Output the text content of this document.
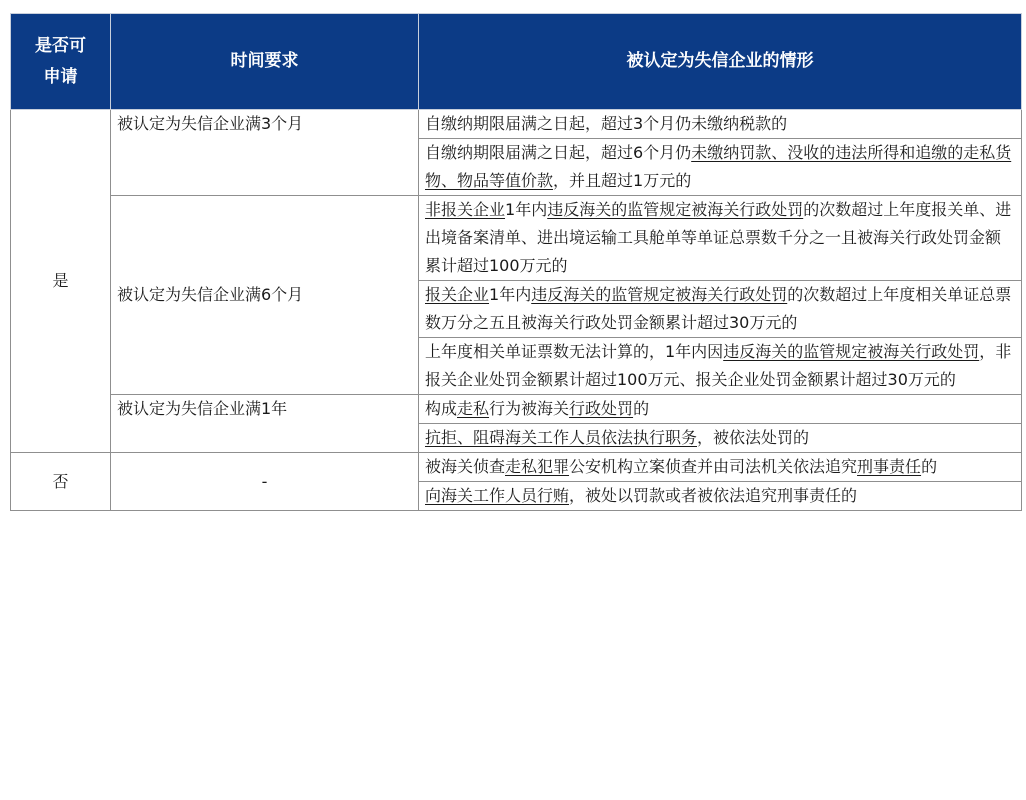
是否可申请	时间要求	被认定为失信企业的情形
是	被认定为失信企业满3个月	自缴纳期限届满之日起，超过3个月仍未缴纳税款的
		自缴纳期限届满之日起，超过6个月仍未缴纳罚款、没收的违法所得和追缴的走私货物、物品等值价款，并且超过1万元的
	被认定为失信企业满6个月	非报关企业1年内违反海关的监管规定被海关行政处罚的次数超过上年度报关单、进出境备案清单、进出境运输工具舱单等单证总票数千分之一且被海关行政处罚金额累计超过100万元的
		报关企业1年内违反海关的监管规定被海关行政处罚的次数超过上年度相关单证总票数万分之五且被海关行政处罚金额累计超过30万元的
		上年度相关单证票数无法计算的，1年内因违反海关的监管规定被海关行政处罚，非报关企业处罚金额累计超过100万元、报关企业处罚金额累计超过30万元的
	被认定为失信企业满1年	构成走私行为被海关行政处罚的
		抗拒、阻碍海关工作人员依法执行职务，被依法处罚的
否	-	被海关侦查走私犯罪公安机构立案侦查并由司法机关依法追究刑事责任的
		向海关工作人员行贿，被处以罚款或者被依法追究刑事责任的
